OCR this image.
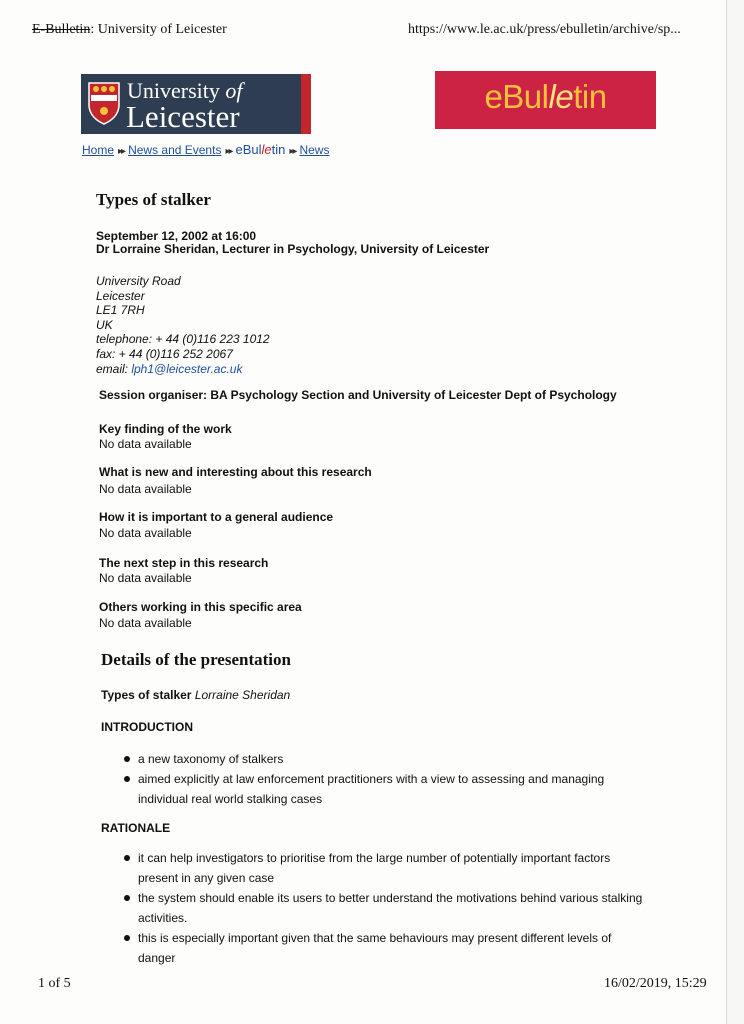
E-Bulletin: University of Leicester	https://www.le.ac.uk/press/ebulletin/archive/sp...
University of
Leicester
eBulletin
Home ▸▸ News and Events ▸▸ eBulletin ▸▸ News
Types of stalker
September 12, 2002 at 16:00
Dr Lorraine Sheridan, Lecturer in Psychology, University of Leicester
University Road
Leicester
LE1 7RH
UK
telephone: + 44 (0)116 223 1012
fax: + 44 (0)116 252 2067
email: lph1@leicester.ac.uk
Session organiser: BA Psychology Section and University of Leicester Dept of Psychology
Key finding of the work
No data available
What is new and interesting about this research
No data available
How it is important to a general audience
No data available
The next step in this research
No data available
Others working in this specific area
No data available
Details of the presentation
Types of stalker Lorraine Sheridan
INTRODUCTION
a new taxonomy of stalkers
aimed explicitly at law enforcement practitioners with a view to assessing and managing individual real world stalking cases
RATIONALE
it can help investigators to prioritise from the large number of potentially important factors present in any given case
the system should enable its users to better understand the motivations behind various stalking activities.
this is especially important given that the same behaviours may present different levels of danger
1 of 5	16/02/2019, 15:29
